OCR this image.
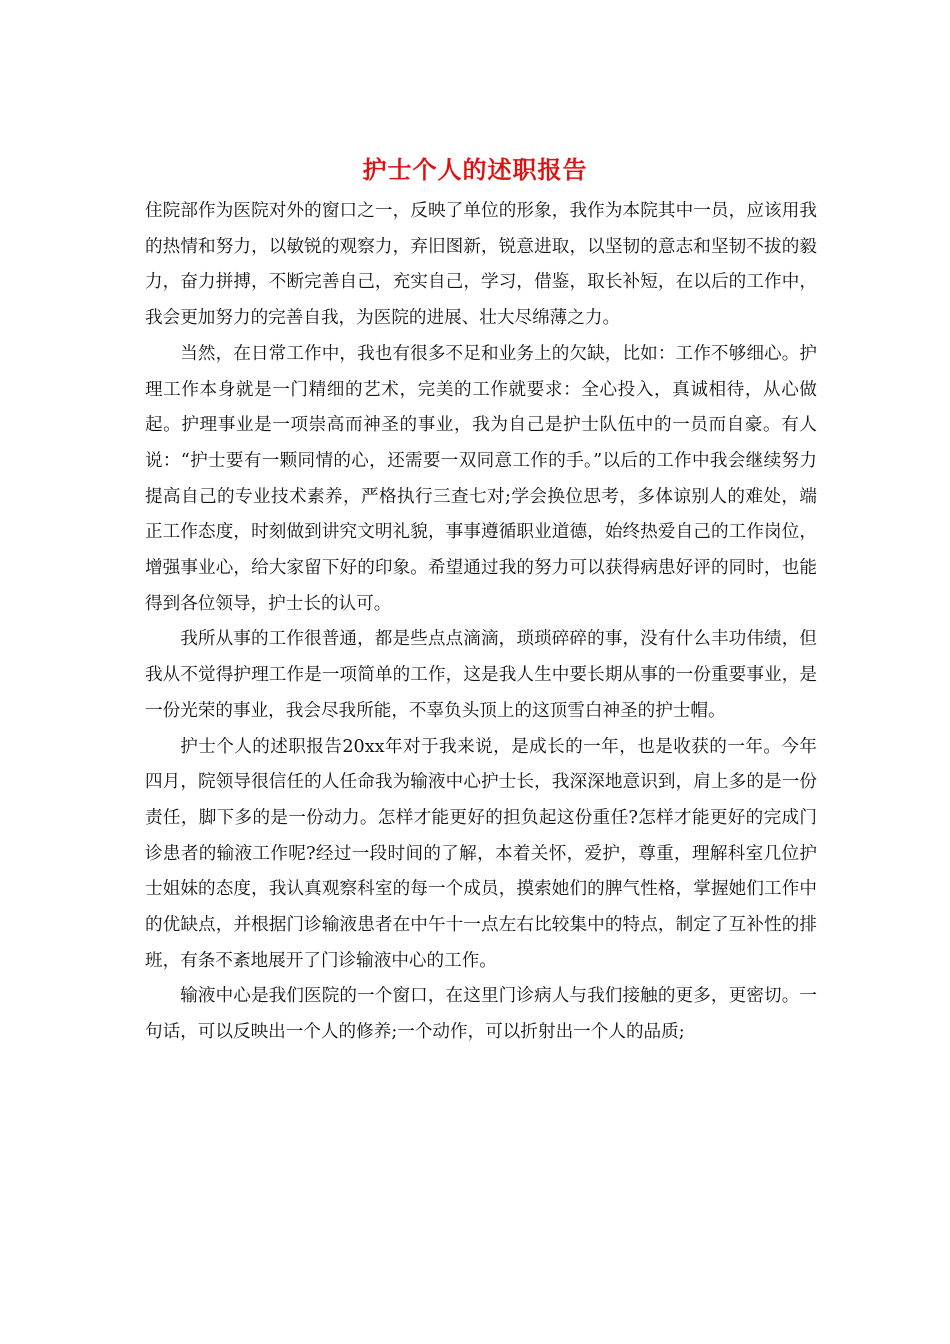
护士个人的述职报告

住院部作为医院对外的窗口之一，反映了单位的形象，我作为本院其中一员，应该用我的热情和努力，以敏锐的观察力，弃旧图新，锐意进取，以坚韧的意志和坚韧不拔的毅力，奋力拼搏，不断完善自己，充实自己，学习，借鉴，取长补短，在以后的工作中，我会更加努力的完善自我，为医院的进展、壮大尽绵薄之力。

当然，在日常工作中，我也有很多不足和业务上的欠缺，比如：工作不够细心。护理工作本身就是一门精细的艺术，完美的工作就要求：全心投入，真诚相待，从心做起。护理事业是一项崇高而神圣的事业，我为自己是护士队伍中的一员而自豪。有人说：“护士要有一颗同情的心，还需要一双同意工作的手。”以后的工作中我会继续努力提高自己的专业技术素养，严格执行三查七对;学会换位思考，多体谅别人的难处，端正工作态度，时刻做到讲究文明礼貌，事事遵循职业道德，始终热爱自己的工作岗位，增强事业心，给大家留下好的印象。希望通过我的努力可以获得病患好评的同时，也能得到各位领导，护士长的认可。

我所从事的工作很普通，都是些点点滴滴，琐琐碎碎的事，没有什么丰功伟绩，但我从不觉得护理工作是一项简单的工作，这是我人生中要长期从事的一份重要事业，是一份光荣的事业，我会尽我所能，不辜负头顶上的这顶雪白神圣的护士帽。

护士个人的述职报告20xx年对于我来说，是成长的一年，也是收获的一年。今年四月，院领导很信任的人任命我为输液中心护士长，我深深地意识到，肩上多的是一份责任，脚下多的是一份动力。怎样才能更好的担负起这份重任?怎样才能更好的完成门诊患者的输液工作呢?经过一段时间的了解，本着关怀，爱护，尊重，理解科室几位护士姐妹的态度，我认真观察科室的每一个成员，摸索她们的脾气性格，掌握她们工作中的优缺点，并根据门诊输液患者在中午十一点左右比较集中的特点，制定了互补性的排班，有条不紊地展开了门诊输液中心的工作。

输液中心是我们医院的一个窗口，在这里门诊病人与我们接触的更多，更密切。一句话，可以反映出一个人的修养;一个动作，可以折射出一个人的品质;
